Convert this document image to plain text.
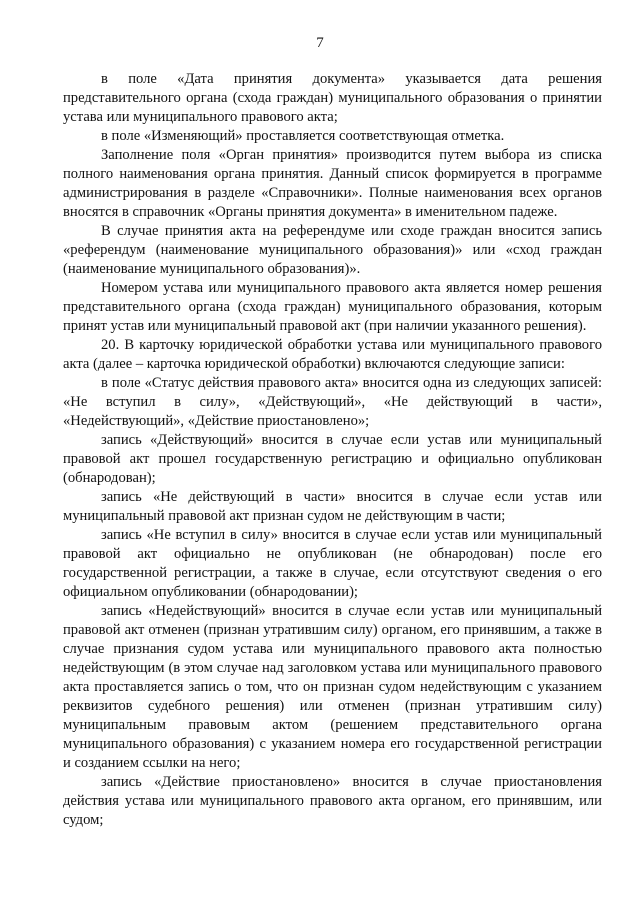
7

в поле «Дата принятия документа» указывается дата решения представительного органа (схода граждан) муниципального образования о принятии устава или муниципального правового акта;

в поле «Изменяющий» проставляется соответствующая отметка.

Заполнение поля «Орган принятия» производится путем выбора из списка полного наименования органа принятия. Данный список формируется в программе администрирования в разделе «Справочники». Полные наименования всех органов вносятся в справочник «Органы принятия документа» в именительном падеже.

В случае принятия акта на референдуме или сходе граждан вносится запись «референдум (наименование муниципального образования)» или «сход граждан (наименование муниципального образования)».

Номером устава или муниципального правового акта является номер решения представительного органа (схода граждан) муниципального образования, которым принят устав или муниципальный правовой акт (при наличии указанного решения).

20. В карточку юридической обработки устава или муниципального правового акта (далее – карточка юридической обработки) включаются следующие записи:

в поле «Статус действия правового акта» вносится одна из следующих записей: «Не вступил в силу», «Действующий», «Не действующий в части», «Недействующий», «Действие приостановлено»;

запись «Действующий» вносится в случае если устав или муниципальный правовой акт прошел государственную регистрацию и официально опубликован (обнародован);

запись «Не действующий в части» вносится в случае если устав или муниципальный правовой акт признан судом не действующим в части;

запись «Не вступил в силу» вносится в случае если устав или муниципальный правовой акт официально не опубликован (не обнародован) после его государственной регистрации, а также в случае, если отсутствуют сведения о его официальном опубликовании (обнародовании);

запись «Недействующий» вносится в случае если устав или муниципальный правовой акт отменен (признан утратившим силу) органом, его принявшим, а также в случае признания судом устава или муниципального правового акта полностью недействующим (в этом случае над заголовком устава или муниципального правового акта проставляется запись о том, что он признан судом недействующим с указанием реквизитов судебного решения) или отменен (признан утратившим силу) муниципальным правовым актом (решением представительного органа муниципального образования) с указанием номера его государственной регистрации и созданием ссылки на него;

запись «Действие приостановлено» вносится в случае приостановления действия устава или муниципального правового акта органом, его принявшим, или судом;
